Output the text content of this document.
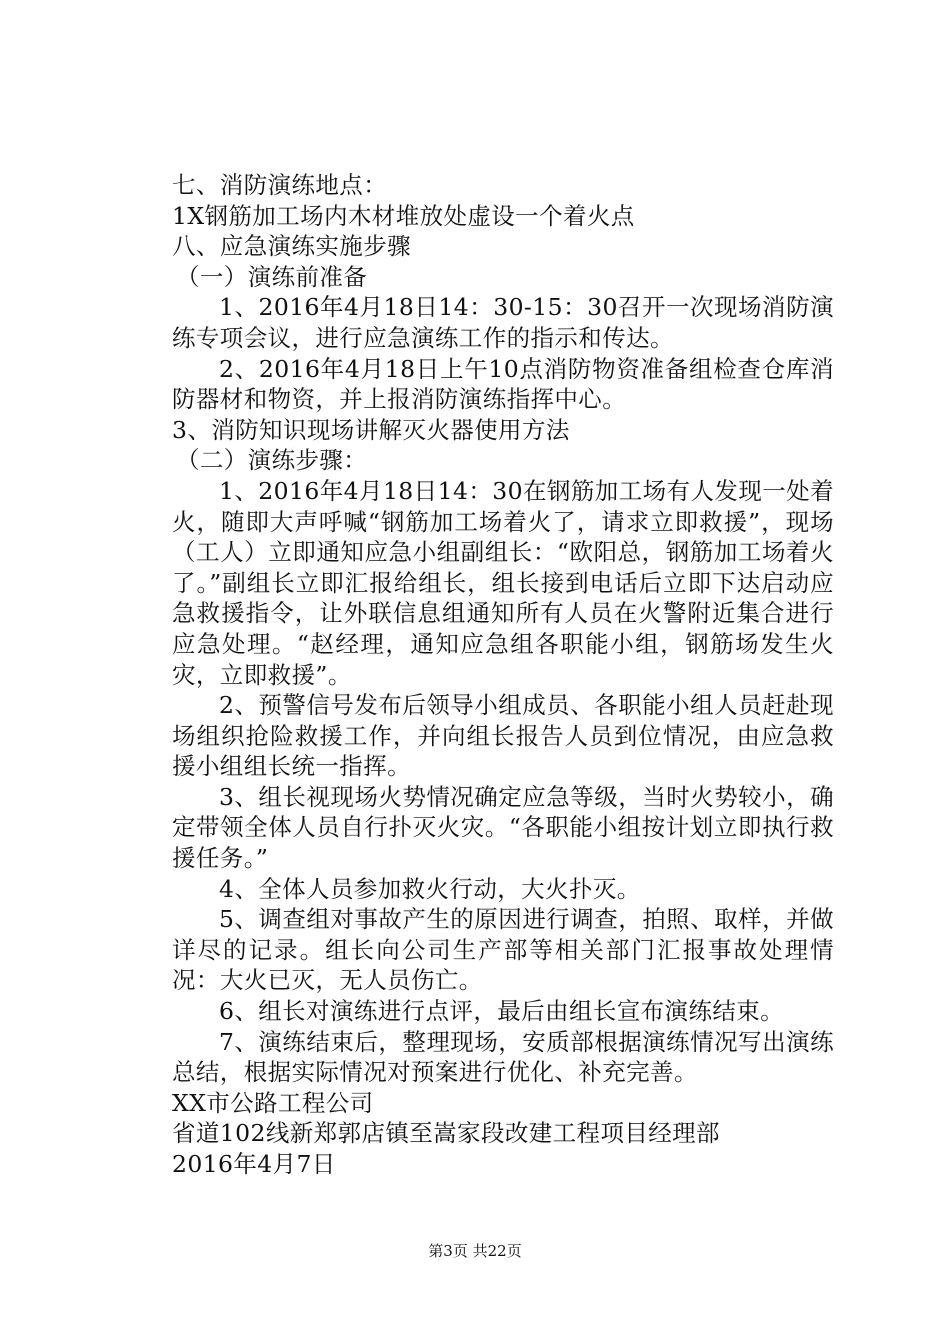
七、消防演练地点：

1X钢筋加工场内木材堆放处虚设一个着火点

八、应急演练实施步骤

（一）演练前准备

1、2016年4月18日14：30-15：30召开一次现场消防演练专项会议，进行应急演练工作的指示和传达。

2、2016年4月18日上午10点消防物资准备组检查仓库消防器材和物资，并上报消防演练指挥中心。

3、消防知识现场讲解灭火器使用方法

（二）演练步骤：

1、2016年4月18日14：30在钢筋加工场有人发现一处着火，随即大声呼喊“钢筋加工场着火了，请求立即救援”，现场（工人）立即通知应急小组副组长：“欧阳总，钢筋加工场着火了。”副组长立即汇报给组长，组长接到电话后立即下达启动应急救援指令，让外联信息组通知所有人员在火警附近集合进行应急处理。“赵经理，通知应急组各职能小组，钢筋场发生火灾，立即救援”。

2、预警信号发布后领导小组成员、各职能小组人员赶赴现场组织抢险救援工作，并向组长报告人员到位情况，由应急救援小组组长统一指挥。

3、组长视现场火势情况确定应急等级，当时火势较小，确定带领全体人员自行扑灭火灾。“各职能小组按计划立即执行救援任务。”

4、全体人员参加救火行动，大火扑灭。

5、调查组对事故产生的原因进行调查，拍照、取样，并做详尽的记录。组长向公司生产部等相关部门汇报事故处理情况：大火已灭，无人员伤亡。

6、组长对演练进行点评，最后由组长宣布演练结束。

7、演练结束后，整理现场，安质部根据演练情况写出演练总结，根据实际情况对预案进行优化、补充完善。

XX市公路工程公司

省道102线新郑郭店镇至嵩家段改建工程项目经理部

2016年4月7日

第3页 共22页
